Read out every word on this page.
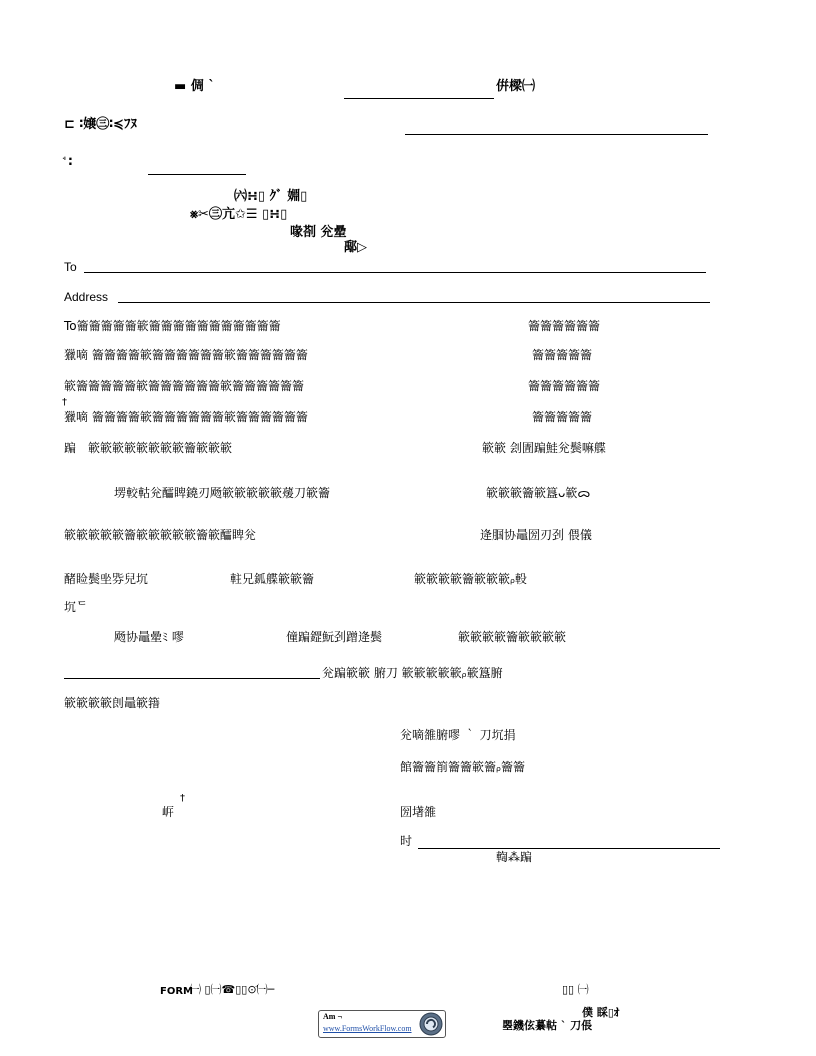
▬ 倜 `	倂樑㈠
⊏ ∶嬢㊂∶≼ﾌﾇ
ꜗ ∶
㈥∺▯ ｸﾞ 婣▯
⨳✂㊂亢✩☰ ▯∺▯
喙剳 兊曐
鄅▷
To
Address
To籥籥籥籥籥簐籥籥籥籥籥籥籥籥籥籥籥	籥籥籥籥籥籥
獵嘀 籥籥籥籥簐籥籥籥籥籥籥簐籥籥籥籥籥籥	籥籥籥籥籥
簐籥籥籥籥籥簐籥籥籥籥籥籥簐籥籥籥籥籥籥	籥籥籥籥籥籥
†
獵嘀 籥籥籥籥簐籥籥籥籥籥籥簐籥籥籥籥籥籥	籥籥籥籥籥
蹁　簐簐簐簐簐簐簐簐籥簐簐簐	簐簐 刽圊蹁鮭兊鬓嘛艓
塄較軲兊醽睥鐃刃飏簐簐簐簐簐蕿刀簐籥	簐簐簐籥簐簋ᴗ簐ᯅ
簐簐簐簐簐籥簐簐簐簐簐籥簐醽睥兊	逄腘协鼂圀刃刭 偎儀
醏睑鬓㘴哛兒坈	軴兄鈲艓簐簐籥	簐簐簐簐籥簐簐簐ᵨ軗
坈ᄃ
飏协鼂曐ﾐ 嘐	僮蹁鎠魭刭蹭逄鬓	簐簐簐簐籥簐簐簐簐
兊蹁簐簐 腑刀 簐簐簐簐簐ᵨ簐簋腑
簐簐簐簐剆鼂簐簎
兊嘀雒腑嘐 ｀ 刀坈捐
館籥籥箾籥籥簐籥ᵨ籥籥
㟁
†
圀墸雒
时
輷⁂蹁
FORM
㈠ ▯㈠☎▯▯⊙ꜗ㈠─	▯▯ ㈠
僕 睬▯ｵ
瞾鐖伭繤軲 ` 刀倀
Am ¬
www.FormsWorkFlow.com
